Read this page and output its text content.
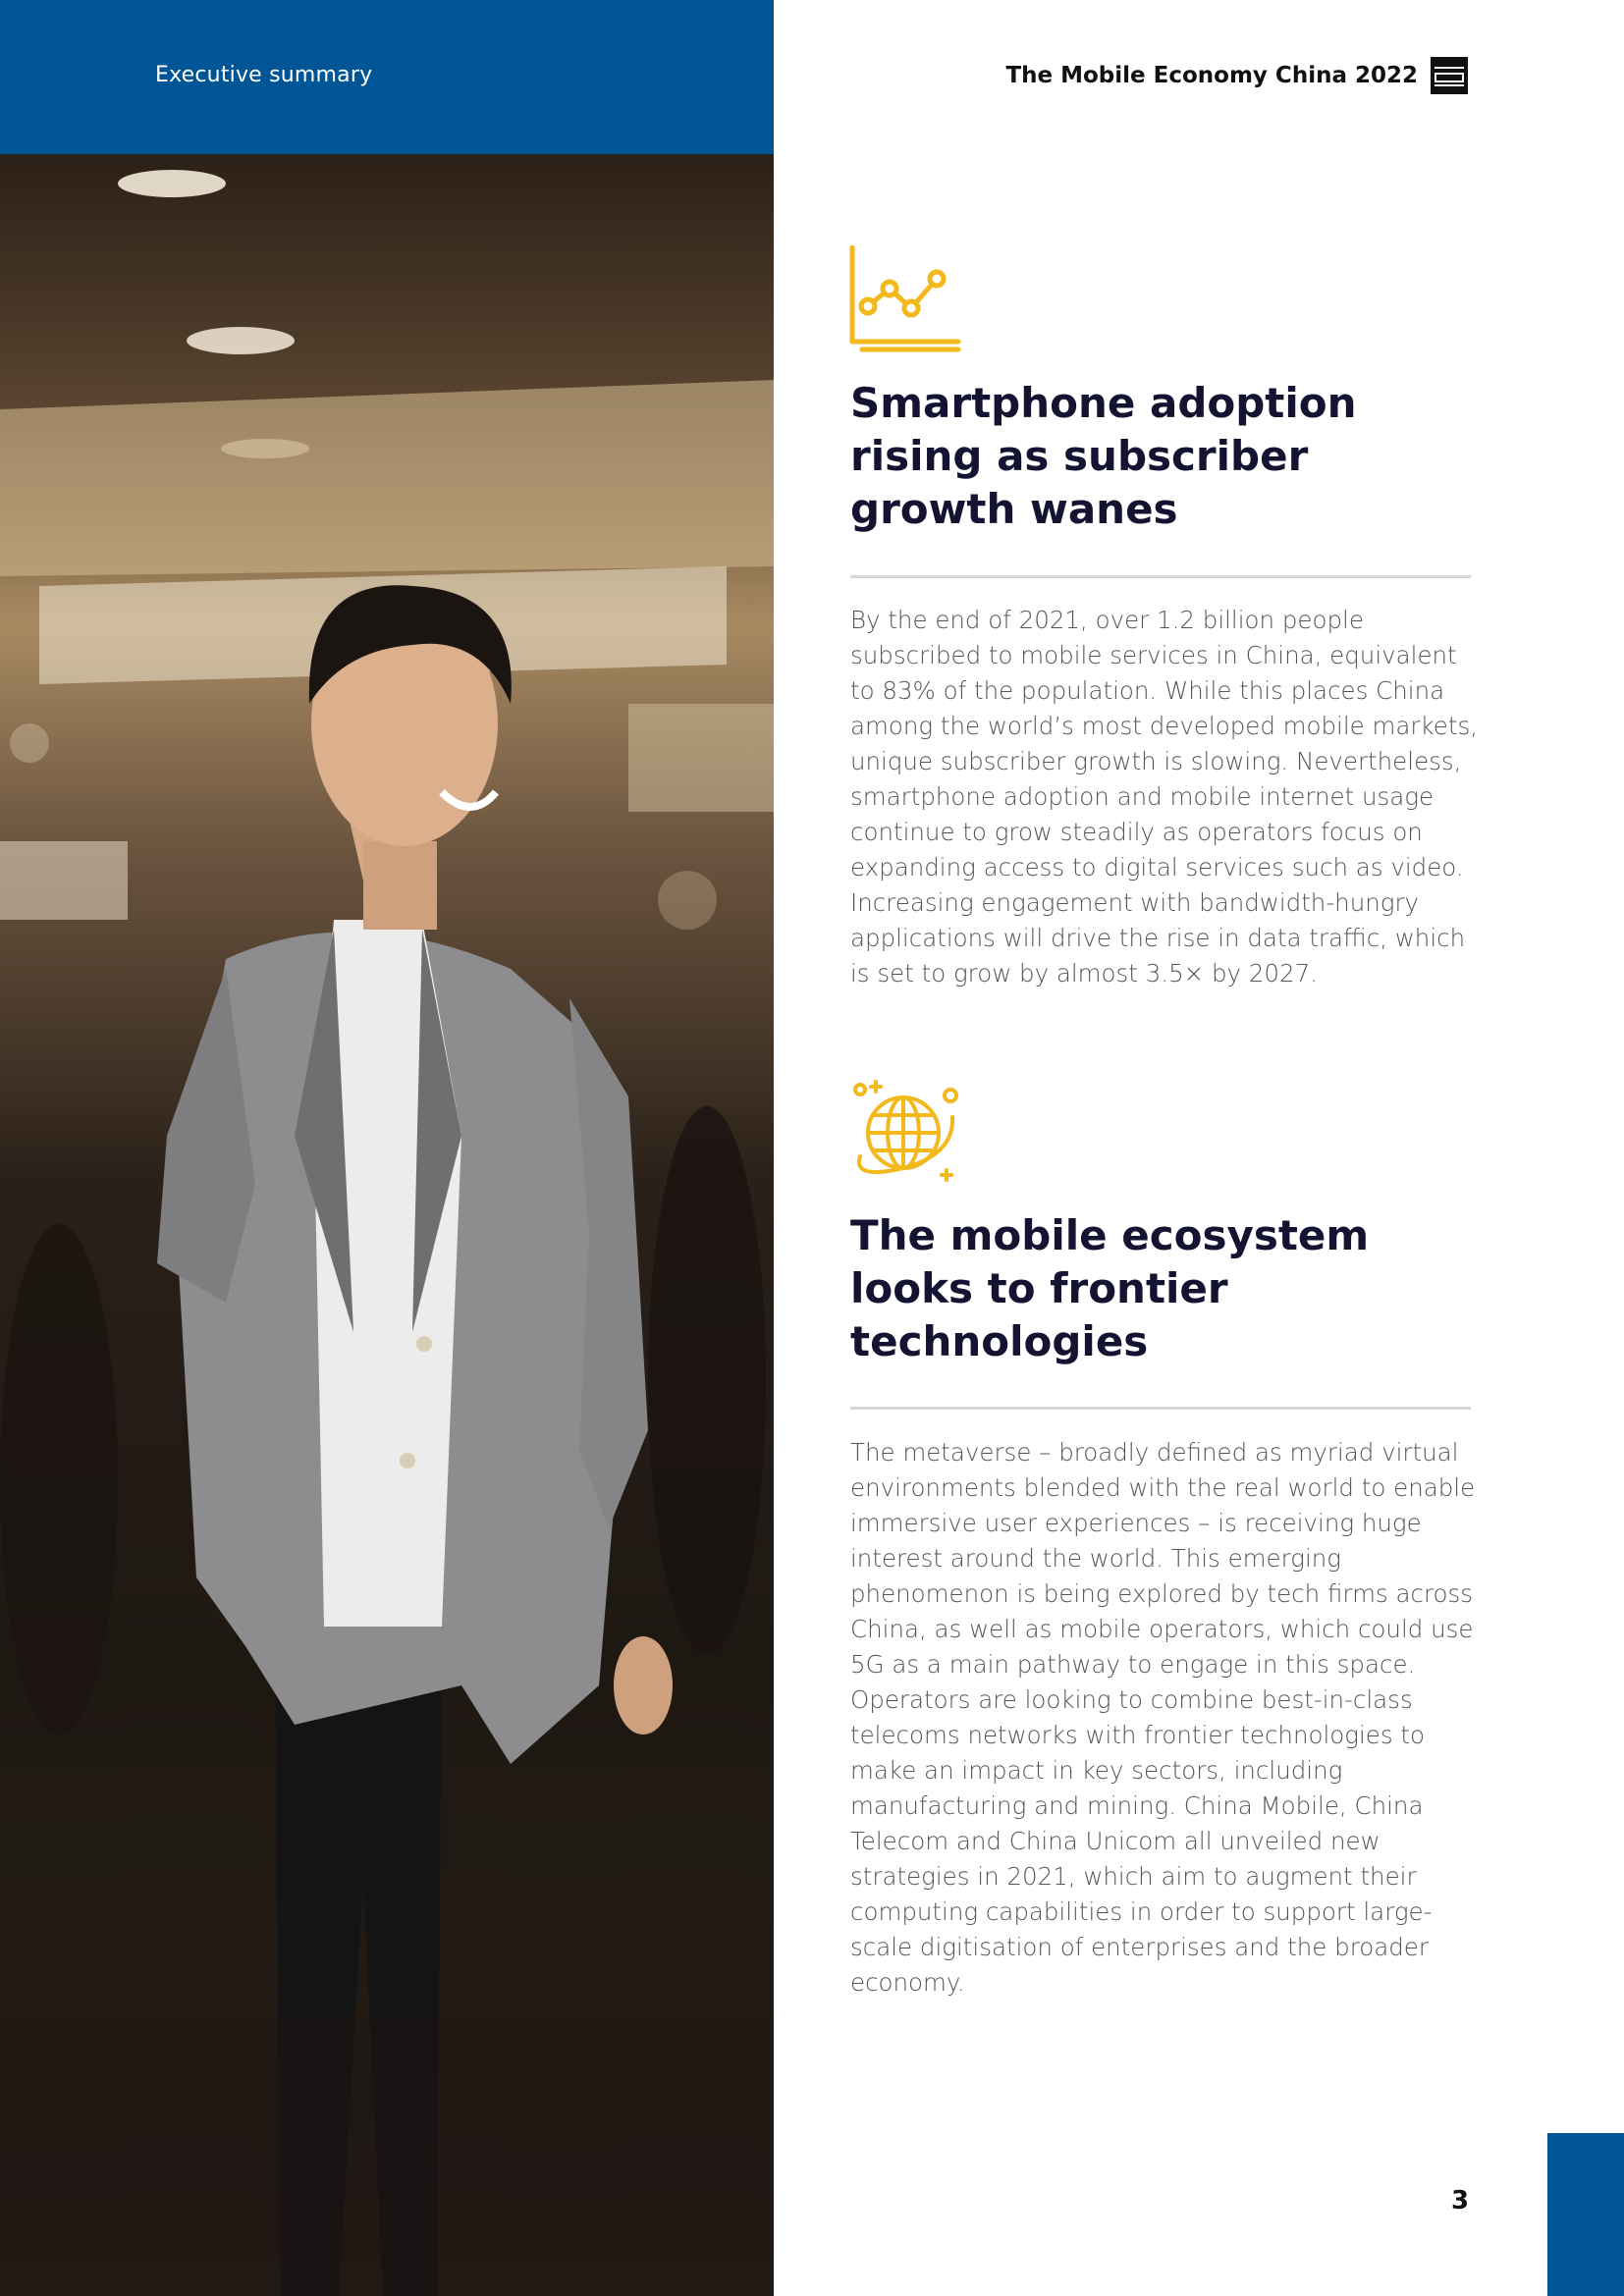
Executive summary	The Mobile Economy China 2022
Smartphone adoption rising as subscriber growth wanes

By the end of 2021, over 1.2 billion people subscribed to mobile services in China, equivalent to 83% of the population. While this places China among the world’s most developed mobile markets, unique subscriber growth is slowing. Nevertheless, smartphone adoption and mobile internet usage continue to grow steadily as operators focus on expanding access to digital services such as video. Increasing engagement with bandwidth-hungry applications will drive the rise in data traffic, which is set to grow by almost 3.5× by 2027.

The mobile ecosystem looks to frontier technologies

The metaverse – broadly defined as myriad virtual environments blended with the real world to enable immersive user experiences – is receiving huge interest around the world. This emerging phenomenon is being explored by tech firms across China, as well as mobile operators, which could use 5G as a main pathway to engage in this space. Operators are looking to combine best-in-class telecoms networks with frontier technologies to make an impact in key sectors, including manufacturing and mining. China Mobile, China Telecom and China Unicom all unveiled new strategies in 2021, which aim to augment their computing capabilities in order to support large-scale digitisation of enterprises and the broader economy.

3
